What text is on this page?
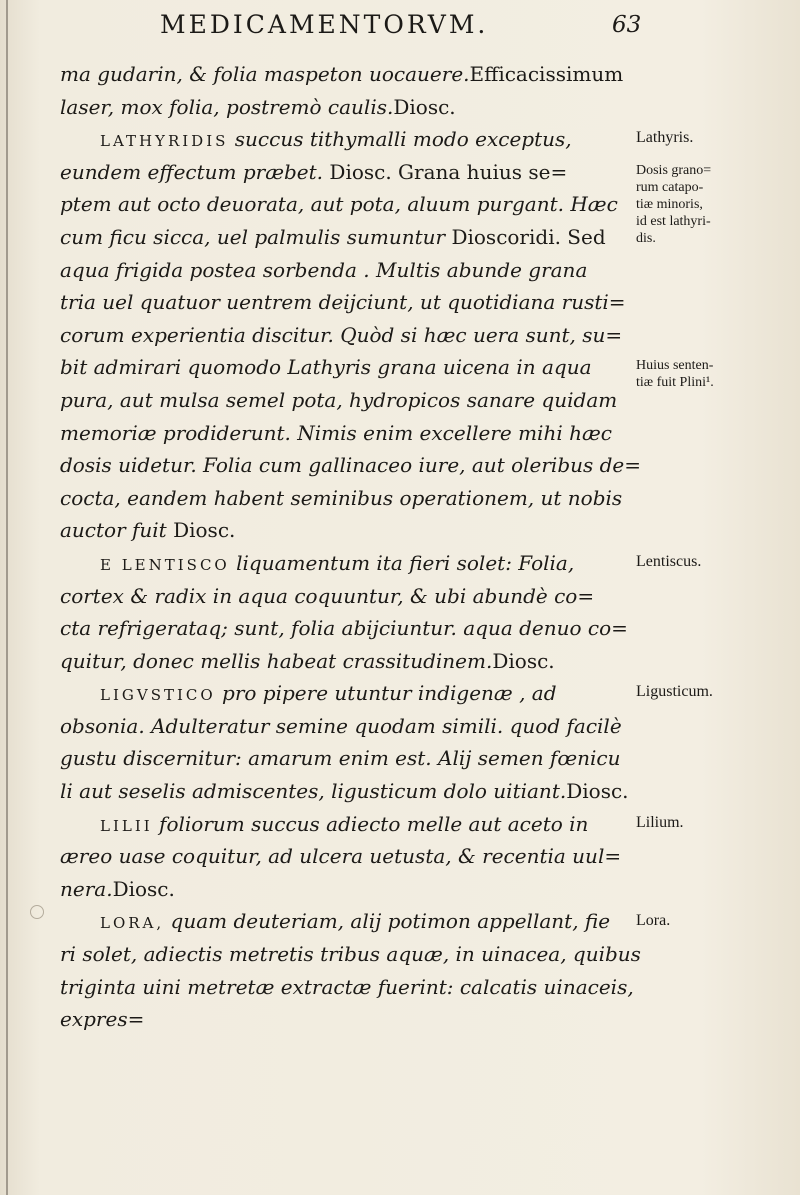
MEDICAMENTORVM.	63
ma gudarin, & folia maspeton uocauere.Efficacissimum
laser, mox folia, postremò caulis.Diosc.
LATHYRIDIS succus tithymalli modo exceptus,
eundem effectum præbet. Diosc. Grana huius se=
ptem aut octo deuorata, aut pota, aluum purgant. Hæc
cum ficu sicca, uel palmulis sumuntur Dioscoridi. Sed
aqua frigida postea sorbenda . Multis abunde grana
tria uel quatuor uentrem deijciunt, ut quotidiana rusti=
corum experientia discitur. Quòd si hæc uera sunt, su=
bit admirari quomodo Lathyris grana uicena in aqua
pura, aut mulsa semel pota, hydropicos sanare quidam
memoriæ prodiderunt. Nimis enim excellere mihi hæc
dosis uidetur. Folia cum gallinaceo iure, aut oleribus de=
cocta, eandem habent seminibus operationem, ut nobis
auctor fuit Diosc.
E LENTISCO liquamentum ita fieri solet: Folia,
cortex & radix in aqua coquuntur, & ubi abundè co=
cta refrigerataq; sunt, folia abijciuntur. aqua denuo co=
quitur, donec mellis habeat crassitudinem.Diosc.
LIGVSTICO pro pipere utuntur indigenæ , ad
obsonia. Adulteratur semine quodam simili. quod facilè
gustu discernitur: amarum enim est. Alij semen fœnicu
li aut seselis admiscentes, ligusticum dolo uitiant.Diosc.
LILII foliorum succus adiecto melle aut aceto in
æreo uase coquitur, ad ulcera uetusta, & recentia uul=
nera.Diosc.
LORA, quam deuteriam, alij potimon appellant, fie
ri solet, adiectis metretis tribus aquæ, in uinacea, quibus
triginta uini metretæ extractæ fuerint: calcatis uinaceis,
expres=
Lathyris.
Dosis grano=
rum catapo-
tiæ minoris,
id est lathyri-
dis.
Huius senten-
tiæ fuit Plini¹.
Lentiscus.
Ligusticum.
Lilium.
Lora.
